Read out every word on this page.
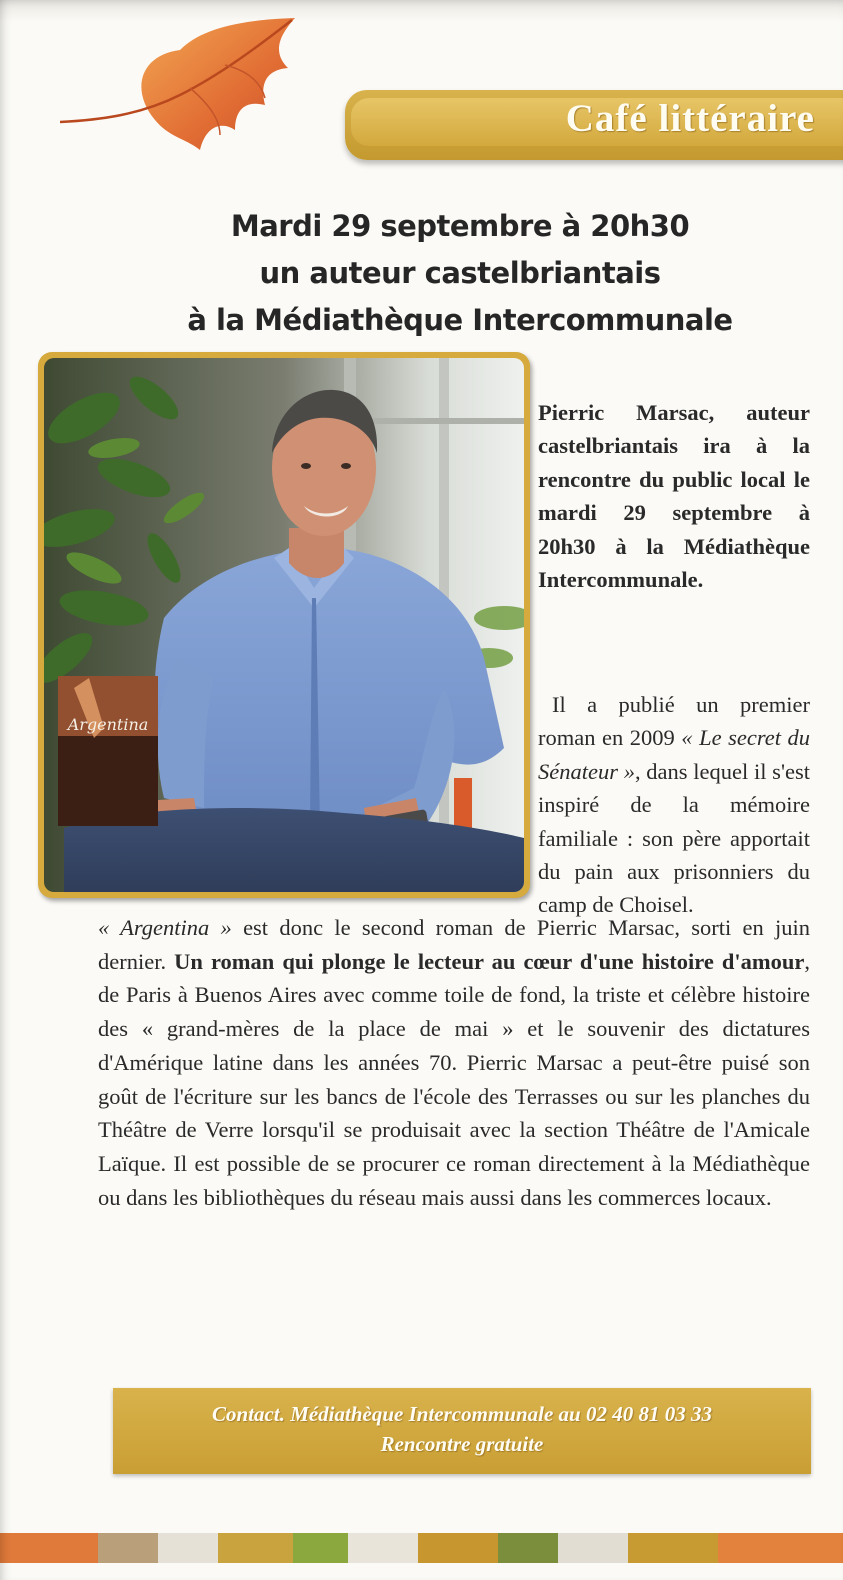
Café littéraire
Mardi 29 septembre à 20h30
un auteur castelbriantais
à la Médiathèque Intercommunale
Argentina

Pierric Marsac, auteur castelbriantais ira à la rencontre du public local le mardi 29 septembre à 20h30 à la Médiathèque Intercommunale.

Il a publié un premier roman en 2009 « Le secret du Sénateur », dans lequel il s'est inspiré de la mémoire familiale : son père apportait du pain aux prisonniers du camp de Choisel.

« Argentina » est donc le second roman de Pierric Marsac, sorti en juin dernier. Un roman qui plonge le lecteur au cœur d'une histoire d'amour, de Paris à Buenos Aires avec comme toile de fond, la triste et célèbre histoire des « grand-mères de la place de mai » et le souvenir des dictatures d'Amérique latine dans les années 70. Pierric Marsac a peut-être puisé son goût de l'écriture sur les bancs de l'école des Terrasses ou sur les planches du Théâtre de Verre lorsqu'il se produisait avec la section Théâtre de l'Amicale Laïque. Il est possible de se procurer ce roman directement à la Médiathèque ou dans les bibliothèques du réseau mais aussi dans les commerces locaux.

Contact. Médiathèque Intercommunale au 02 40 81 03 33
Rencontre gratuite
